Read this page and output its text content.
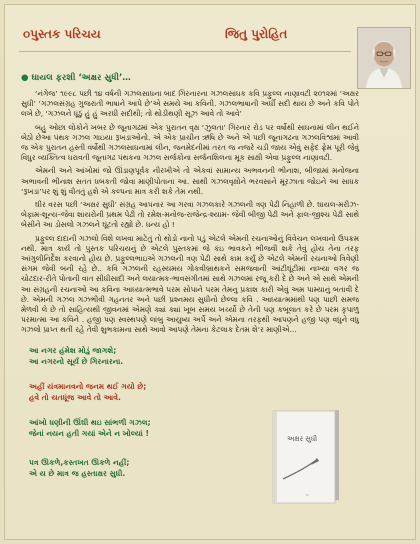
૦પુસ્તક પરિચય	જિતુ પુરોહિત
● ઘાયલ ફરશી ‘અક્ષર સુધી’…

‘નંગેજ’ ૧૯૯૮ પછી ૧૪ વર્ષની ગઝલસાધના બાદ ગિરનારના ગઝલસાધક કવિ પ્રફુલ્લ નાણાવટી ૨૦૧૨માં ‘અક્ષર સુધી’ ‘ગઝલસંગ્રહ ગુજરાતી ભાષાને આપે છે’એ સમયે આ કવિની. ગઝલભાષાની અર્ધી સદી થાય છે અને કવિ પોતે લખે છે, ‘ગઝલને ધૂંઠું હું હું અરધી સદીથી; તો થોડીથણી સૂઝ આવે તો આવે’

બહુ ઓછા લોકોને ખબર છે જૂનાગઢમાં એક પુરાતન વૃક્ષ ‘ઝુલતા’ ગિરનાર રોડ પર વર્ષોથી સાધનામાં લીન થઈને બેઠો છેઆ પંથક ગઝલ ગાઇયા રૂખડાઓનો. એ એક પ્રાચીન ઋષિ છે અને એ પછી જૂનાગઢના ગઝલવિશ્વમાં આવી જ એક પુરાતન હસ્તી વર્ષોથી ગઝલસાધનામાં લીન, જનમેદનીમાં તરત જ નજરે ચડી જાય એવું સફેદ ફ્રેમ પૂરી જેવું વિધુર વ્યક્તિત્વ ધરાવતી જૂનાગઢ પંથકના ગઝલ સર્જકોના સર્જનશિલના મૂક સાક્ષી એવા પ્રફુલ્લ નાણાવટી.

એમની અને આંખોમાં જો ઊંડાણપૂર્વક નીરખીએ તો એકવાં સામાન્ય અભવનની ભીનાશ, બીજામાં મનોજના અભાવની ભીનાશ સતત ધબકતી જોવા માણીપોતાના આ. સાથી ગઝલવૃક્ષોને ભરવસાને મૂરઝાતા જોઇને આ સાધક ‘રૂખડા’પર શું શું વીતતું હશે એ કલ્પના માત્ર કરી શકે તેમ નથી.

ઘીર વરસ પછી ‘અક્ષર સુધી’ સંગ્રહ આપનાર આ ગરવા ગઝલકારે ગઝલની ત્રણ પેઢી નિહાળી છે. ઘાયલ-મરીઝ-બેફામ-શૂન્ય–જેવા શાયરોની પ્રથમ પેઢી તો રમેશ-મનોજ-રાજેન્દ્ર-શ્યામ- જેવી બીજી પેઢી અને ફાલ-જીશ્ચ પેઢી સાથે બેસીને આ ડોસલો ગઝલને ઘૂંટતો રહ્યો છે. ધન્ય હો !

પ્રફુલ્લ દાદાની ગઝલો વિશે લખવા માટેતું તો થોડો નાનો પડું એટલે એમની રચનાઓનું વિવેચન લખવાનો ઉપક્રમ નથી. માત્ર કાર્ય તો પુસ્તક પરિચયનું છે એટલે પુસ્તકમાં જે કંઇ ભાવકને ભીજવી શકે તેવું હોય તેના તરફ આંગુલીનિર્દેશ કરવાનો હોય છે. પ્રફુલ્લભાઇએ ગઝલની ત્રણ પેઢી સાથે કામ કર્યું છે એટલે એમની રચનાઓ ત્રિવેણી સંગમ જેવી બની રહે છે‍.. કવિ ગઝલની રહસ્યમય ગોકવીબ્રાથકને સમજવાની આંટીઘૂંટીમાં નાખ્યા વગર જ ચોટદાર-રીતે પોતાની વાત સીધીસાદી અને લયાત્મક-ભાવસંગીતમાં સાથે ગઝલમાં રજૂ કરી દે છે અને એ સાથે એમની આ સંગ્રહની રચનાઓ આ કવિના આધ્યાત્મભાવે પરમ સોપાને પરમ તેમનુ પ્રકાશ કારી એવું અમ પામ્યાનું બતાવી દે છે. એમની ગઝલ ગઝભીવી ગહનતર અને પછી પ્રશ્નમય સુધીનો છેલ્લા કવિ . આધ્યાત્મમાંથી પણ પાછી સમજ મેળવી લે છે તો સાહિત્યથી જીવનમાં એમણે ક્યાં ક્યાં ખૂબ સમય ખર્ચ્યો છે તેની પણ કબૂલાત કરે છે પરમ કૃપાળુ પરમાત્મા આ કવિને . હજી પણ સ્વસ્થપણે લાંબુ આયુષ્ય અર્પે અને એમના તરફથી આપણને હજી પણ વધુને વધુ ગઝલો પ્રાપ્ત થતી રહે તેવી શુભકામના સાથે આવો આપણે તેમના કેટલાક દેતમ શે‘ર માણીએ...

આ નગર હંમેશ મોડું જાગશે;
આ નગરનો સૂર્ય છે ગિરનારના.
અહીં યંત્રમાનવનો જનમ થઈ ગયો છે;
હવે તો યતધૂંજ આવે તો આવે.
આંખો ધણીની ઊંઘી થઇ સાંભળી ગઝલ;
જેનાં નયન હતી ગયાં એને ન ખોલ્યાં !
પત્ર ઊકળે,કસ્તખત ઊકળે નહીં;
એ ય છે માત્ર જ હસ્તાક્ષર સુધી.
અક્ષર સુધી
~
